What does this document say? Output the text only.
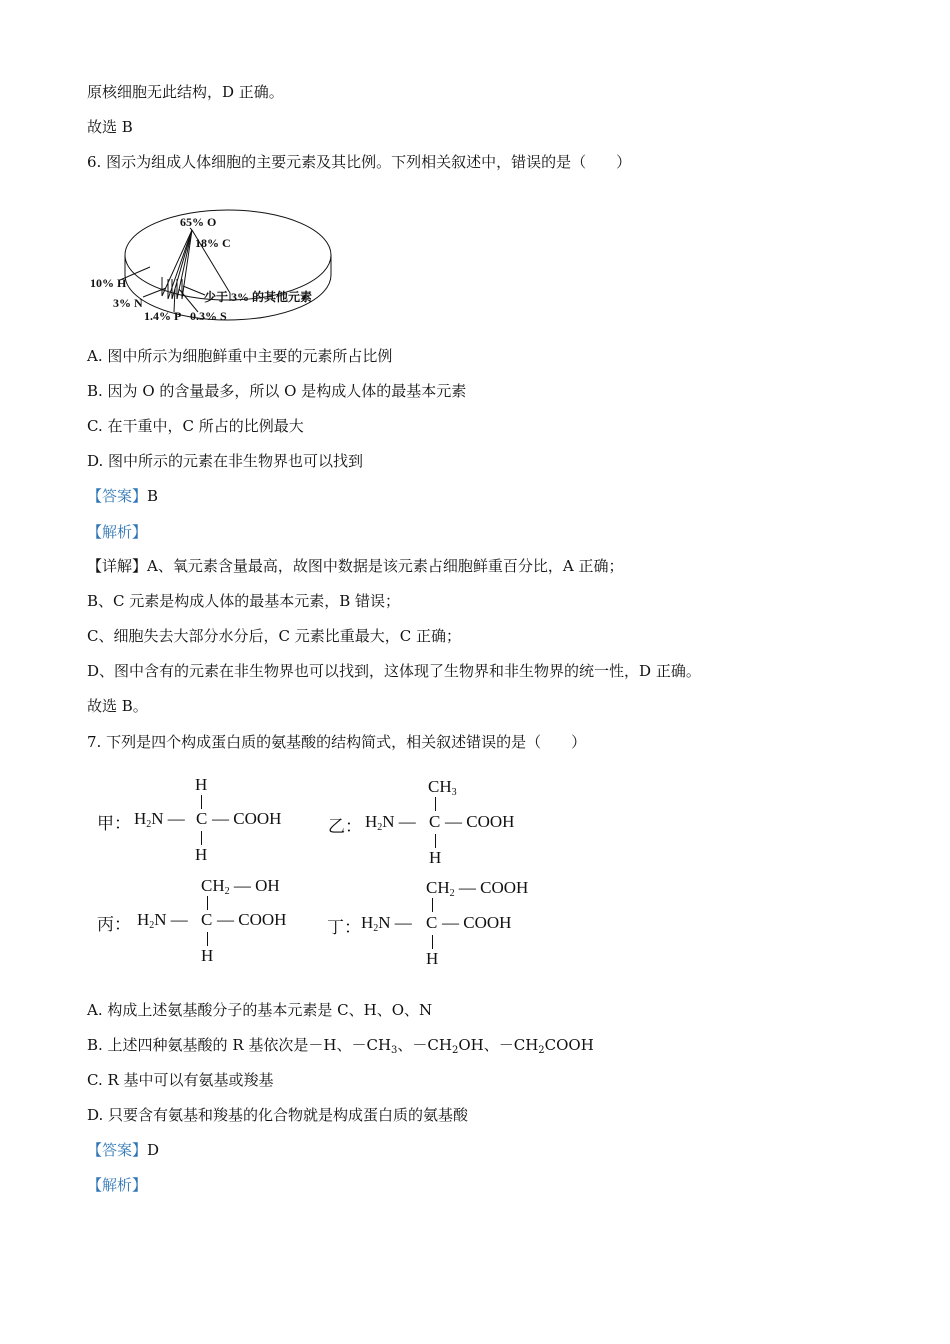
原核细胞无此结构，D 正确。
故选 B
6. 图示为组成人体细胞的主要元素及其比例。下列相关叙述中，错误的是（　　）
65% O
18% C
10% H
3% N
1.4% P 0.3% S
少于 3% 的其他元素
A. 图中所示为细胞鲜重中主要的元素所占比例
B. 因为 O 的含量最多，所以 O 是构成人体的最基本元素
C. 在干重中，C 所占的比例最大
D. 图中所示的元素在非生物界也可以找到
【答案】B
【解析】
【详解】A、氧元素含量最高，故图中数据是该元素占细胞鲜重百分比，A 正确；
B、C 元素是构成人体的最基本元素，B 错误；
C、细胞失去大部分水分后，C 元素比重最大，C 正确；
D、图中含有的元素在非生物界也可以找到，这体现了生物界和非生物界的统一性，D 正确。
故选 B。
7. 下列是四个构成蛋白质的氨基酸的结构简式，相关叙述错误的是（　　）
H
甲： $H_2N$ — C — COOH
H
$CH_3$
乙： $H_2N$ — C — COOH
H
$CH_2$ — OH
丙： $H_2N$ — C — COOH
H
$CH_2$ — COOH
丁： $H_2N$ — C — COOH
H
A. 构成上述氨基酸分子的基本元素是 C、H、O、N
B. 上述四种氨基酸的 R 基依次是－H、$-CH_3$、$-CH_2OH$、$-CH_2COOH$
C. R 基中可以有氨基或羧基
D. 只要含有氨基和羧基的化合物就是构成蛋白质的氨基酸
【答案】D
【解析】
